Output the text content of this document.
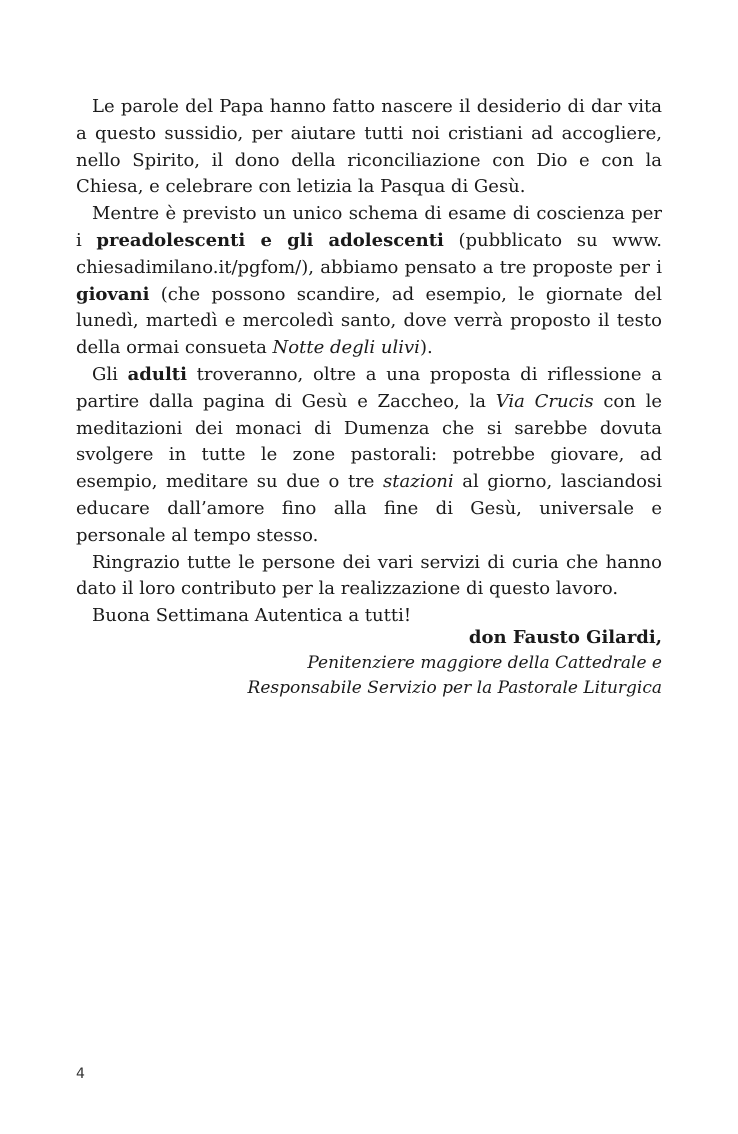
Le parole del Papa hanno fatto nascere il desiderio di dar vita a questo sussidio, per aiutare tutti noi cristiani ad accogliere, nello Spirito, il dono della riconciliazione con Dio e con la Chiesa, e celebrare con letizia la Pasqua di Gesù.

Mentre è previsto un unico schema di esame di coscienza per i preadolescenti e gli adolescenti (pubblicato su www. chiesadimilano.it/pgfom/), abbiamo pensato a tre proposte per i giovani (che possono scandire, ad esempio, le giornate del lunedì, martedì e mercoledì santo, dove verrà proposto il testo della ormai consueta Notte degli ulivi).

Gli adulti troveranno, oltre a una proposta di riflessione a partire dalla pagina di Gesù e Zaccheo, la Via Crucis con le meditazioni dei monaci di Dumenza che si sarebbe dovuta svolgere in tutte le zone pastorali: potrebbe giovare, ad esempio, meditare su due o tre stazioni al giorno, lasciandosi educare dall’amore fino alla fine di Gesù, universale e personale al tempo stesso.

Ringrazio tutte le persone dei vari servizi di curia che hanno dato il loro contributo per la realizzazione di questo lavoro.

Buona Settimana Autentica a tutti!

don Fausto Gilardi,
Penitenziere maggiore della Cattedrale e
Responsabile Servizio per la Pastorale Liturgica
4
